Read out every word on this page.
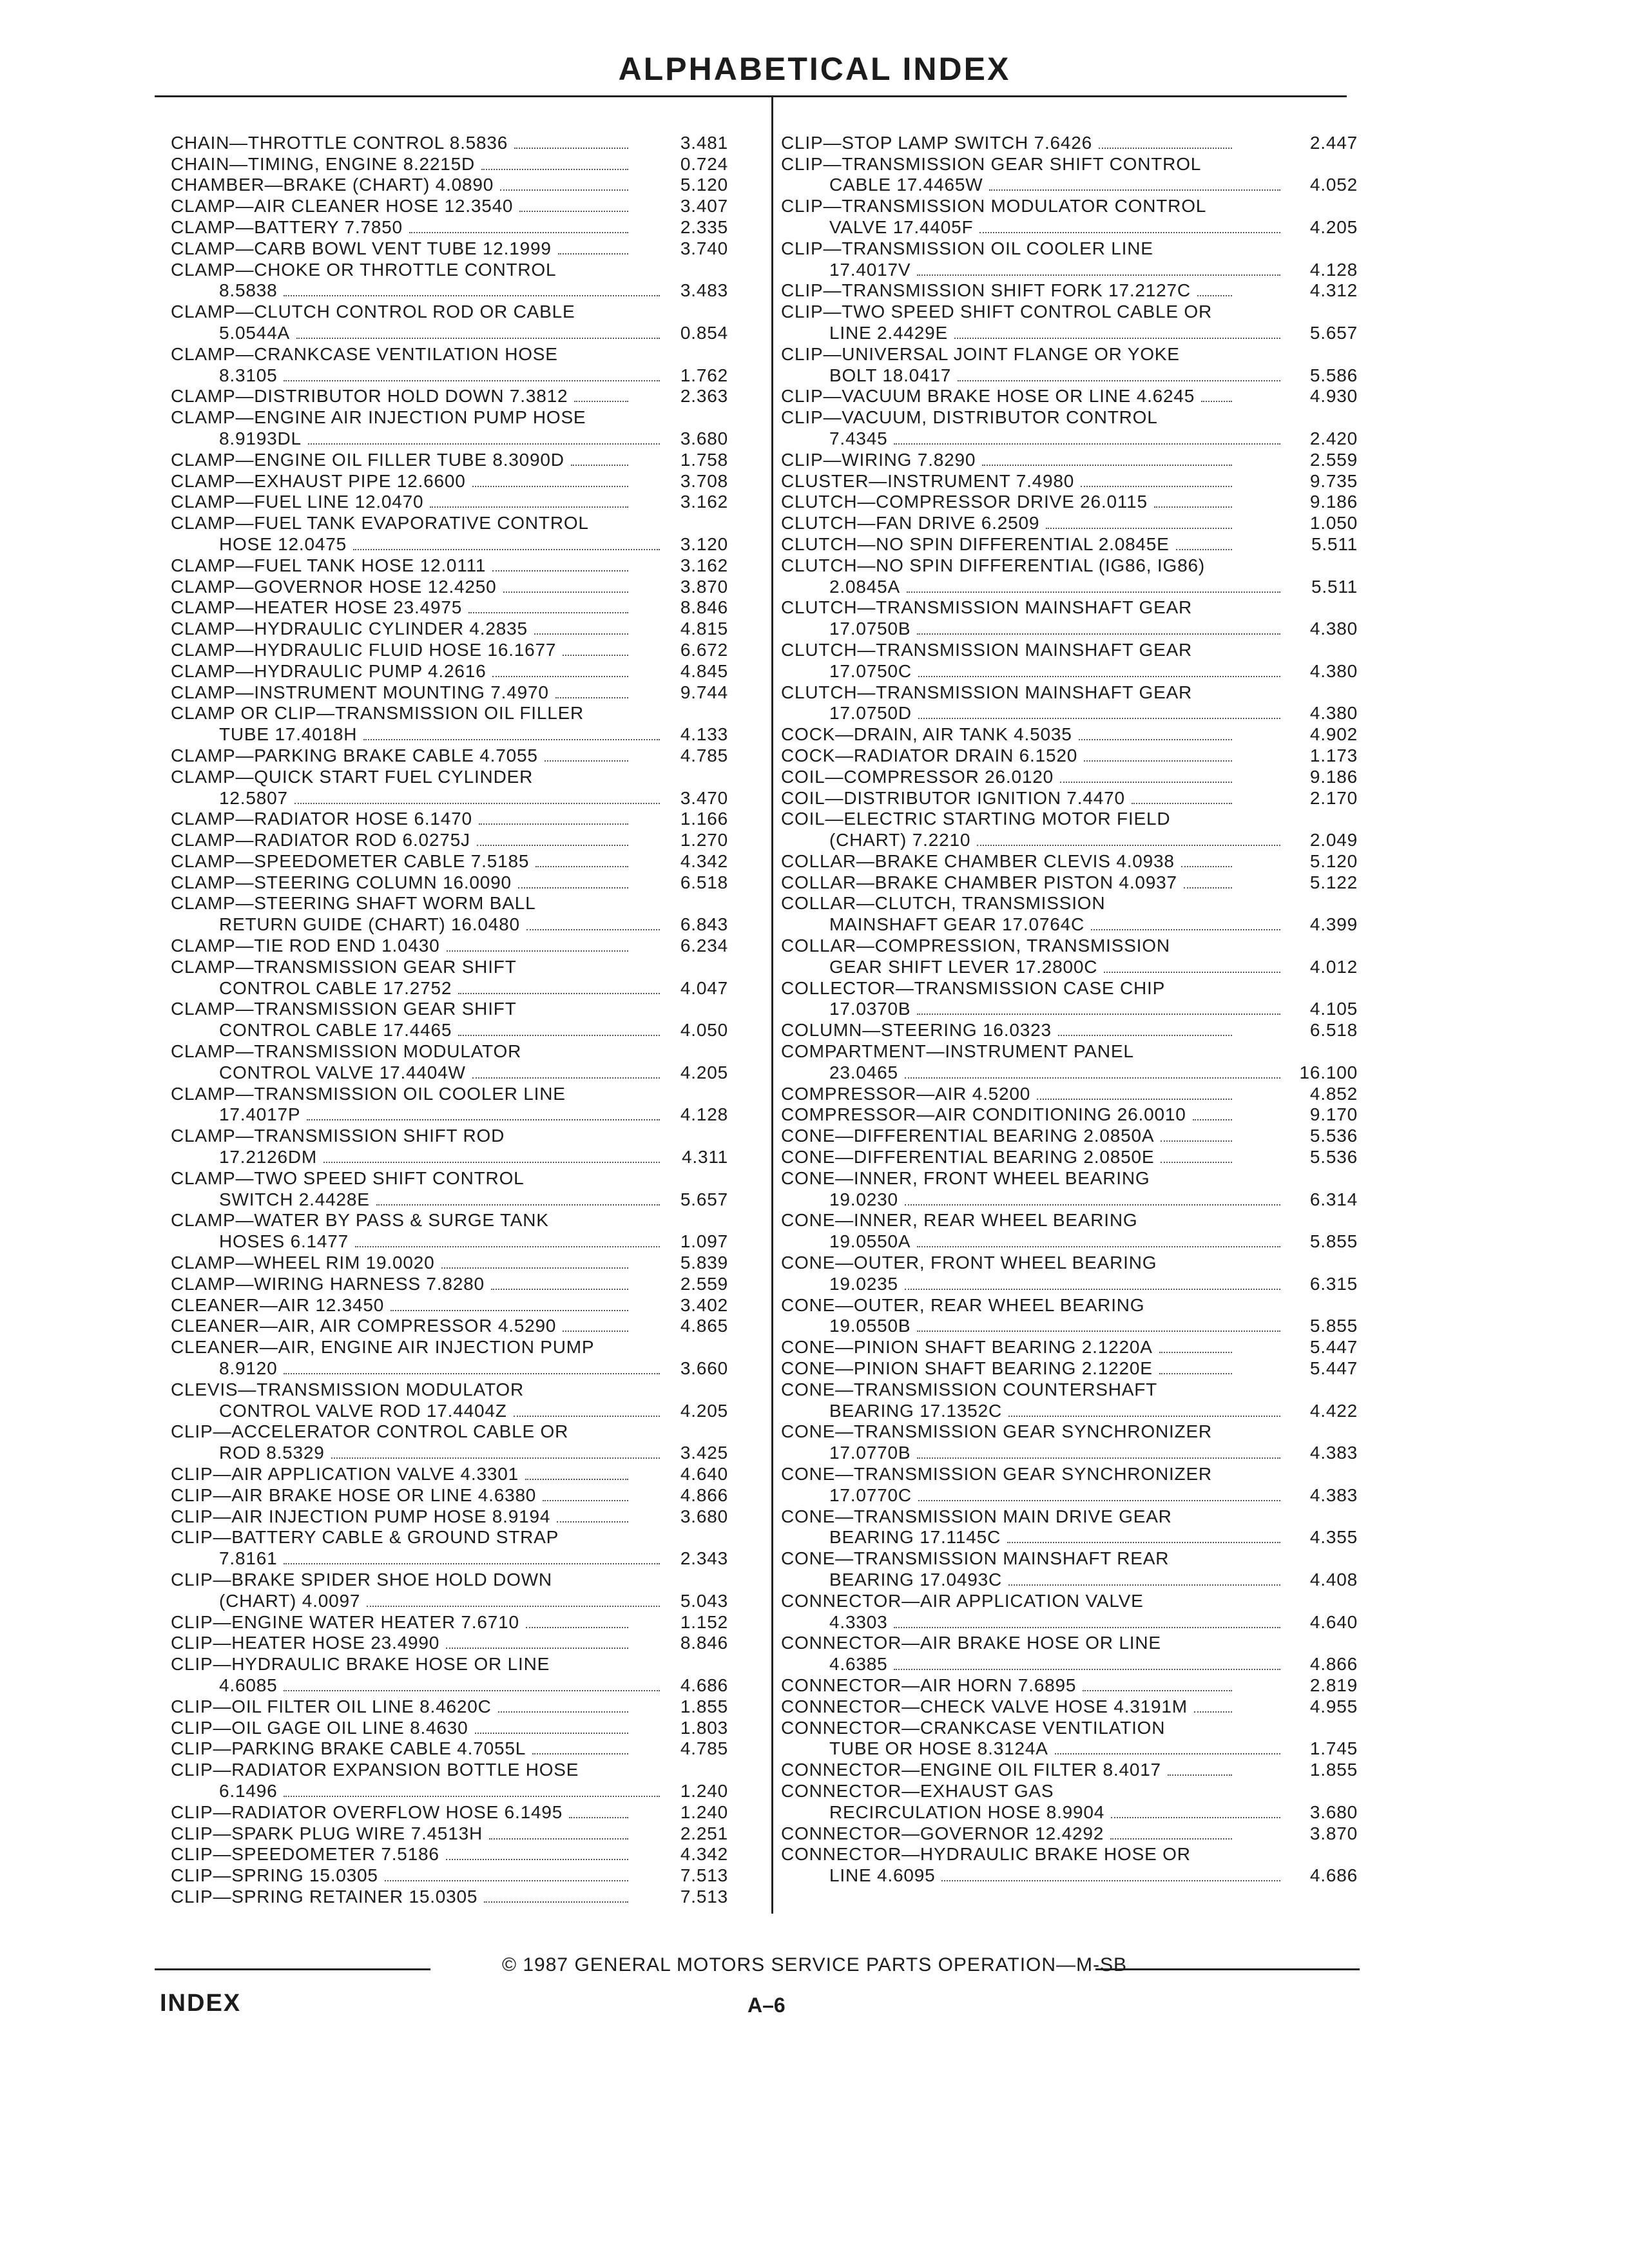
ALPHABETICAL INDEX
CHAIN—THROTTLE CONTROL 8.5836	3.481
CHAIN—TIMING, ENGINE 8.2215D	0.724
CHAMBER—BRAKE (CHART) 4.0890	5.120
CLAMP—AIR CLEANER HOSE 12.3540	3.407
CLAMP—BATTERY 7.7850	2.335
CLAMP—CARB BOWL VENT TUBE 12.1999	3.740
CLAMP—CHOKE OR THROTTLE CONTROL
8.5838	3.483
CLAMP—CLUTCH CONTROL ROD OR CABLE
5.0544A	0.854
CLAMP—CRANKCASE VENTILATION HOSE
8.3105	1.762
CLAMP—DISTRIBUTOR HOLD DOWN 7.3812	2.363
CLAMP—ENGINE AIR INJECTION PUMP HOSE
8.9193DL	3.680
CLAMP—ENGINE OIL FILLER TUBE 8.3090D	1.758
CLAMP—EXHAUST PIPE 12.6600	3.708
CLAMP—FUEL LINE 12.0470	3.162
CLAMP—FUEL TANK EVAPORATIVE CONTROL
HOSE 12.0475	3.120
CLAMP—FUEL TANK HOSE 12.0111	3.162
CLAMP—GOVERNOR HOSE 12.4250	3.870
CLAMP—HEATER HOSE 23.4975	8.846
CLAMP—HYDRAULIC CYLINDER 4.2835	4.815
CLAMP—HYDRAULIC FLUID HOSE 16.1677	6.672
CLAMP—HYDRAULIC PUMP 4.2616	4.845
CLAMP—INSTRUMENT MOUNTING 7.4970	9.744
CLAMP OR CLIP—TRANSMISSION OIL FILLER
TUBE 17.4018H	4.133
CLAMP—PARKING BRAKE CABLE 4.7055	4.785
CLAMP—QUICK START FUEL CYLINDER
12.5807	3.470
CLAMP—RADIATOR HOSE 6.1470	1.166
CLAMP—RADIATOR ROD 6.0275J	1.270
CLAMP—SPEEDOMETER CABLE 7.5185	4.342
CLAMP—STEERING COLUMN 16.0090	6.518
CLAMP—STEERING SHAFT WORM BALL
RETURN GUIDE (CHART) 16.0480	6.843
CLAMP—TIE ROD END 1.0430	6.234
CLAMP—TRANSMISSION GEAR SHIFT
CONTROL CABLE 17.2752	4.047
CLAMP—TRANSMISSION GEAR SHIFT
CONTROL CABLE 17.4465	4.050
CLAMP—TRANSMISSION MODULATOR
CONTROL VALVE 17.4404W	4.205
CLAMP—TRANSMISSION OIL COOLER LINE
17.4017P	4.128
CLAMP—TRANSMISSION SHIFT ROD
17.2126DM	4.311
CLAMP—TWO SPEED SHIFT CONTROL
SWITCH 2.4428E	5.657
CLAMP—WATER BY PASS & SURGE TANK
HOSES 6.1477	1.097
CLAMP—WHEEL RIM 19.0020	5.839
CLAMP—WIRING HARNESS 7.8280	2.559
CLEANER—AIR 12.3450	3.402
CLEANER—AIR, AIR COMPRESSOR 4.5290	4.865
CLEANER—AIR, ENGINE AIR INJECTION PUMP
8.9120	3.660
CLEVIS—TRANSMISSION MODULATOR
CONTROL VALVE ROD 17.4404Z	4.205
CLIP—ACCELERATOR CONTROL CABLE OR
ROD 8.5329	3.425
CLIP—AIR APPLICATION VALVE 4.3301	4.640
CLIP—AIR BRAKE HOSE OR LINE 4.6380	4.866
CLIP—AIR INJECTION PUMP HOSE 8.9194	3.680
CLIP—BATTERY CABLE & GROUND STRAP
7.8161	2.343
CLIP—BRAKE SPIDER SHOE HOLD DOWN
(CHART) 4.0097	5.043
CLIP—ENGINE WATER HEATER 7.6710	1.152
CLIP—HEATER HOSE 23.4990	8.846
CLIP—HYDRAULIC BRAKE HOSE OR LINE
4.6085	4.686
CLIP—OIL FILTER OIL LINE 8.4620C	1.855
CLIP—OIL GAGE OIL LINE 8.4630	1.803
CLIP—PARKING BRAKE CABLE 4.7055L	4.785
CLIP—RADIATOR EXPANSION BOTTLE HOSE
6.1496	1.240
CLIP—RADIATOR OVERFLOW HOSE 6.1495	1.240
CLIP—SPARK PLUG WIRE 7.4513H	2.251
CLIP—SPEEDOMETER 7.5186	4.342
CLIP—SPRING 15.0305	7.513
CLIP—SPRING RETAINER 15.0305	7.513
CLIP—STOP LAMP SWITCH 7.6426	2.447
CLIP—TRANSMISSION GEAR SHIFT CONTROL
CABLE 17.4465W	4.052
CLIP—TRANSMISSION MODULATOR CONTROL
VALVE 17.4405F	4.205
CLIP—TRANSMISSION OIL COOLER LINE
17.4017V	4.128
CLIP—TRANSMISSION SHIFT FORK 17.2127C	4.312
CLIP—TWO SPEED SHIFT CONTROL CABLE OR
LINE 2.4429E	5.657
CLIP—UNIVERSAL JOINT FLANGE OR YOKE
BOLT 18.0417	5.586
CLIP—VACUUM BRAKE HOSE OR LINE 4.6245	4.930
CLIP—VACUUM, DISTRIBUTOR CONTROL
7.4345	2.420
CLIP—WIRING 7.8290	2.559
CLUSTER—INSTRUMENT 7.4980	9.735
CLUTCH—COMPRESSOR DRIVE 26.0115	9.186
CLUTCH—FAN DRIVE 6.2509	1.050
CLUTCH—NO SPIN DIFFERENTIAL 2.0845E	5.511
CLUTCH—NO SPIN DIFFERENTIAL (IG86, IG86)
2.0845A	5.511
CLUTCH—TRANSMISSION MAINSHAFT GEAR
17.0750B	4.380
CLUTCH—TRANSMISSION MAINSHAFT GEAR
17.0750C	4.380
CLUTCH—TRANSMISSION MAINSHAFT GEAR
17.0750D	4.380
COCK—DRAIN, AIR TANK 4.5035	4.902
COCK—RADIATOR DRAIN 6.1520	1.173
COIL—COMPRESSOR 26.0120	9.186
COIL—DISTRIBUTOR IGNITION 7.4470	2.170
COIL—ELECTRIC STARTING MOTOR FIELD
(CHART) 7.2210	2.049
COLLAR—BRAKE CHAMBER CLEVIS 4.0938	5.120
COLLAR—BRAKE CHAMBER PISTON 4.0937	5.122
COLLAR—CLUTCH, TRANSMISSION
MAINSHAFT GEAR 17.0764C	4.399
COLLAR—COMPRESSION, TRANSMISSION
GEAR SHIFT LEVER 17.2800C	4.012
COLLECTOR—TRANSMISSION CASE CHIP
17.0370B	4.105
COLUMN—STEERING 16.0323	6.518
COMPARTMENT—INSTRUMENT PANEL
23.0465	16.100
COMPRESSOR—AIR 4.5200	4.852
COMPRESSOR—AIR CONDITIONING 26.0010	9.170
CONE—DIFFERENTIAL BEARING 2.0850A	5.536
CONE—DIFFERENTIAL BEARING 2.0850E	5.536
CONE—INNER, FRONT WHEEL BEARING
19.0230	6.314
CONE—INNER, REAR WHEEL BEARING
19.0550A	5.855
CONE—OUTER, FRONT WHEEL BEARING
19.0235	6.315
CONE—OUTER, REAR WHEEL BEARING
19.0550B	5.855
CONE—PINION SHAFT BEARING 2.1220A	5.447
CONE—PINION SHAFT BEARING 2.1220E	5.447
CONE—TRANSMISSION COUNTERSHAFT
BEARING 17.1352C	4.422
CONE—TRANSMISSION GEAR SYNCHRONIZER
17.0770B	4.383
CONE—TRANSMISSION GEAR SYNCHRONIZER
17.0770C	4.383
CONE—TRANSMISSION MAIN DRIVE GEAR
BEARING 17.1145C	4.355
CONE—TRANSMISSION MAINSHAFT REAR
BEARING 17.0493C	4.408
CONNECTOR—AIR APPLICATION VALVE
4.3303	4.640
CONNECTOR—AIR BRAKE HOSE OR LINE
4.6385	4.866
CONNECTOR—AIR HORN 7.6895	2.819
CONNECTOR—CHECK VALVE HOSE 4.3191M	4.955
CONNECTOR—CRANKCASE VENTILATION
TUBE OR HOSE 8.3124A	1.745
CONNECTOR—ENGINE OIL FILTER 8.4017	1.855
CONNECTOR—EXHAUST GAS
RECIRCULATION HOSE 8.9904	3.680
CONNECTOR—GOVERNOR 12.4292	3.870
CONNECTOR—HYDRAULIC BRAKE HOSE OR
LINE 4.6095	4.686

© 1987 GENERAL MOTORS SERVICE PARTS OPERATION—M-SB

INDEX	A–6
